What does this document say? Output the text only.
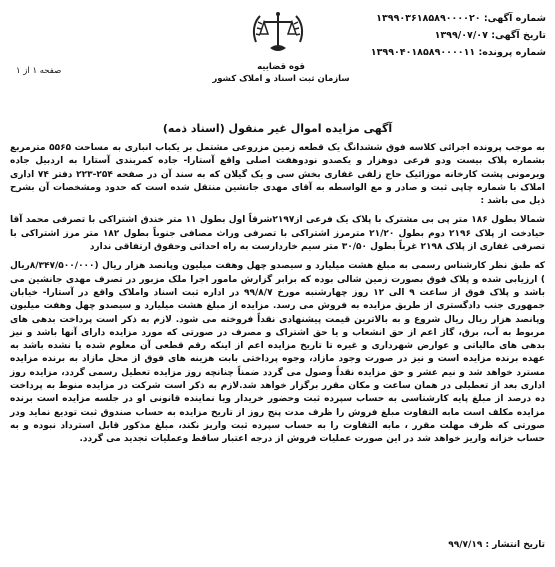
شماره آگهی: ۱۳۹۹۰۳۶۱۸۵۸۹۰۰۰۰۲۰
تاریخ آگهی: ۱۳۹۹/۰۷/۰۷
شماره پرونده: ۱۳۹۹۰۴۰۱۸۵۸۹۰۰۰۰۱۱
قوه قضاییه
سازمان ثبت اسناد و املاک کشور
صفحه ۱ از ۱
آگهی مزایده اموال غیر منقول (اسناد ذمه)

به موجب پرونده اجرائی کلاسه فوق ششدانگ یک قطعه زمین مزروعی مشتمل بر یکباب انباری به مساحت ۵۵۶۵ مترمربع بشماره پلاک بیست ودو فرعی دوهزار و یکصدو نودوهفت اصلی واقع آستارا- جاده کمربندی آستارا به اردبیل جاده ویرمونی پشت کارخانه موزائیک حاج زلفی غفاری بخش سی و یک گیلان که به سند آن در صفحه ۲۵۴-۲۲۳ دفتر ۷۴ اداری املاک با شماره چاپی ثبت و صادر و مع الواسطه به آقای مهدی جانشین منتقل شده است که حدود ومشخصات آن بشرح ذیل می باشد :

شمالا بطول ۱۸۶ متر پی بی مشترک با پلاک یک فرعی از۲۱۹۷شرقاً اول بطول ۱۱ متر خندق اشتراکی با تصرفی محمد آقا حیادخت از پلاک ۲۱۹۶ دوم بطول ۲۱/۲۰ مترمرز اشتراکی با تصرفی وراث مصافی جنوباً بطول ۱۸۲ متر مرز اشتراکی با تصرفی غفاری از پلاک ۲۱۹۸ غرباً بطول ۳۰/۵۰ متر سیم خاردارست به راه احداثی وحقوق ارتفاقی ندارد

که طبق نظر کارشناس رسمی به مبلغ هشت میلیارد و سیصدو چهل وهفت میلیون وپانصد هزار ریال (۸/۳۴۷/۵۰۰/۰۰۰ریال ) ارزیابی شده و پلاک فوق بصورت زمین شالی بوده که برابر گزارش مامور اجرا ملک مزبور در تصرف مهدی جانشین می باشد و پلاک فوق از ساعت ۹ الی ۱۲ روز چهارشنبه مورخ ۹۹/۸/۷ در اداره ثبت اسناد واملاک واقع در آستارا- خیابان جمهوری جنب دادگستری از طریق مزایده به فروش می رسد. مزایده از مبلغ هشت میلیارد و سیصدو چهل وهفت میلیون وپانصد هزار ریال ریال شروع و به بالاترین قیمت پیشنهادی نقداً فروخته می شود. لازم به ذکر است پرداخت بدهی های مربوط به آب، برق، گاز اعم از حق انشعاب و یا حق اشتراک و مصرف در صورتی که مورد مزایده دارای آنها باشد و نیز بدهی های مالیاتی و عوارض شهرداری و غیره تا تاریخ مزایده اعم از اینکه رقم قطعی آن معلوم شده یا نشده باشد به عهده برنده مزایده است و نیز در صورت وجود مازاد، وجوه پرداختی بابت هزینه های فوق از محل مازاد به برنده مزایده مسترد خواهد شد و نیم عشر و حق مزایده نقداً وصول می گردد ضمناً چنانچه روز مزایده تعطیل رسمی گردد، مزایده روز اداری بعد از تعطیلی در همان ساعت و مکان مقرر برگزار خواهد شد.لازم به ذکر است شرکت در مزایده منوط به پرداخت ده درصد از مبلغ پایه کارشناسی به حساب سپرده ثبت وحضور خریدار ویا نماینده قانونی او در جلسه مزایده است برنده مزایده مکلف است مابه التفاوت مبلغ فروش را ظرف مدت پنج روز از تاریخ مزایده به حساب صندوق ثبت تودیع نماید ودر صورتی که ظرف مهلت مقرر ، مابه التفاوت را به حساب سپرده ثبت واریز نکند، مبلغ مذکور قابل استرداد نبوده و به حساب خزانه واریز خواهد شد در این صورت عملیات فروش از درجه اعتبار ساقط وعملیات تجدید می گردد.

تاریخ انتشار : ۹۹/۷/۱۹
